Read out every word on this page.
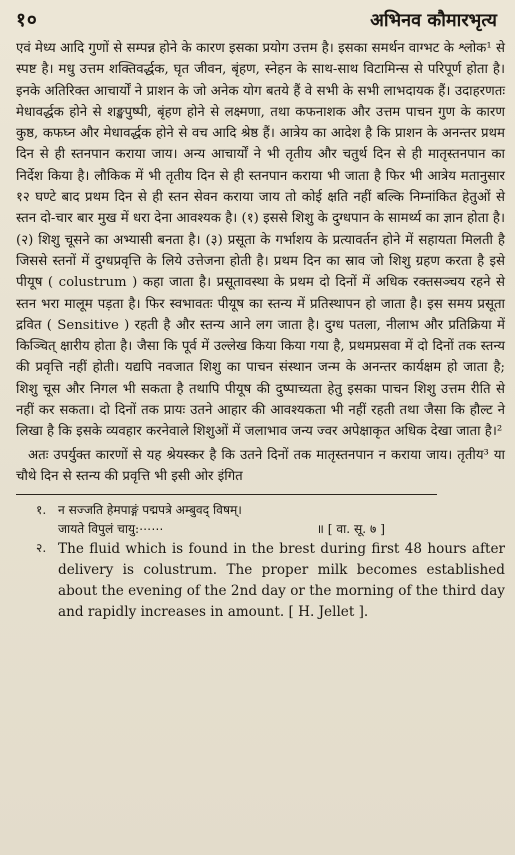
१०	अभिनव कौमारभृत्य

एवं मेध्य आदि गुणों से सम्पन्न होने के कारण इसका प्रयोग उत्तम है। इसका समर्थन वाग्भट के श्लोक¹ से स्पष्ट है। मधु उत्तम शक्तिवर्द्धक, घृत जीवन, बृंहण, स्नेहन के साथ-साथ विटामिन्स से परिपूर्ण होता है। इनके अतिरिक्त आचार्यों ने प्राशन के जो अनेक योग बतये हैं वे सभी के सभी लाभदायक हैं। उदाहरणतः मेधावर्द्धक होने से शङ्खपुष्पी, बृंहण होने से लक्ष्मणा, तथा कफनाशक और उत्तम पाचन गुण के कारण कुष्ठ, कफघ्न और मेधावर्द्धक होने से वच आदि श्रेष्ठ हैं। आत्रेय का आदेश है कि प्राशन के अनन्तर प्रथम दिन से ही स्तनपान कराया जाय। अन्य आचार्यों ने भी तृतीय और चतुर्थ दिन से ही मातृस्तनपान का निर्देश किया है। लौकिक में भी तृतीय दिन से ही स्तनपान कराया भी जाता है फिर भी आत्रेय मतानुसार १२ घण्टे बाद प्रथम दिन से ही स्तन सेवन कराया जाय तो कोई क्षति नहीं बल्कि निम्नांकित हेतुओं से स्तन दो-चार बार मुख में धरा देना आवश्यक है। (१) इससे शिशु के दुग्धपान के सामर्थ्य का ज्ञान होता है। (२) शिशु चूसने का अभ्यासी बनता है। (३) प्रसूता के गर्भाशय के प्रत्यावर्तन होने में सहायता मिलती है जिससे स्तनों में दुग्धप्रवृत्ति के लिये उत्तेजना होती है। प्रथम दिन का स्राव जो शिशु ग्रहण करता है इसे पीयूष ( colustrum ) कहा जाता है। प्रसूतावस्था के प्रथम दो दिनों में अधिक रक्तसञ्चय रहने से स्तन भरा मालूम पड़ता है। फिर स्वभावतः पीयूष का स्तन्य में प्रतिस्थापन हो जाता है। इस समय प्रसूता द्रवित ( Sensitive ) रहती है और स्तन्य आने लग जाता है। दुग्ध पतला, नीलाभ और प्रतिक्रिया में किञ्चित् क्षारीय होता है। जैसा कि पूर्व में उल्लेख किया किया गया है, प्रथमप्रसवा में दो दिनों तक स्तन्य की प्रवृत्ति नहीं होती। यद्यपि नवजात शिशु का पाचन संस्थान जन्म के अनन्तर कार्यक्षम हो जाता है; शिशु चूस और निगल भी सकता है तथापि पीयूष की दुष्पाच्यता हेतु इसका पाचन शिशु उत्तम रीति से नहीं कर सकता। दो दिनों तक प्रायः उतने आहार की आवश्यकता भी नहीं रहती तथा जैसा कि हौल्ट ने लिखा है कि इसके व्यवहार करनेवाले शिशुओं में जलाभाव जन्य ज्वर अपेक्षाकृत अधिक देखा जाता है।²

अतः उपर्युक्त कारणों से यह श्रेयस्कर है कि उतने दिनों तक मातृस्तनपान न कराया जाय। तृतीय³ या चौथे दिन से स्तन्य की प्रवृत्ति भी इसी ओर इंगित

१. न सज्जति हेमपाङ्गं पद्मपत्रे अम्बुवद् विषम्।
जायते विपुलं चायु:⋯⋯	॥ [ वा. सू. ७ ]
२. The fluid which is found in the brest during first 48 hours after delivery is colustrum. The proper milk becomes established about the evening of the 2nd day or the morning of the third day and rapidly increases in amount. [ H. Jellet ].
